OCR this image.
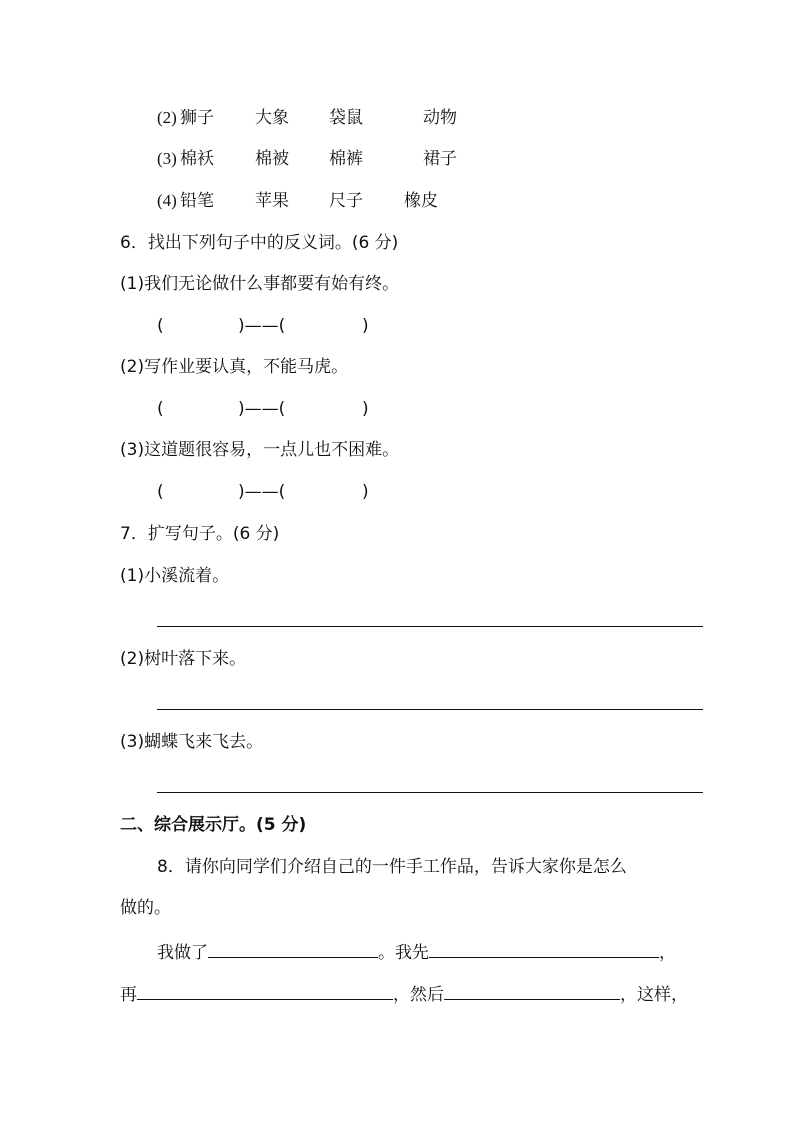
(2) 狮子 大象 袋鼠	动物
(3) 棉袄 棉被 棉裤	裙子
(4) 铅笔 苹果 尺子 橡皮
6．找出下列句子中的反义词。(6 分)
(1)我们无论做什么事都要有始有终。
(	)——(	)
(2)写作业要认真，不能马虎。
(	)——(	)
(3)这道题很容易，一点儿也不困难。
(	)——(	)
7．扩写句子。(6 分)
(1)小溪流着。
(2)树叶落下来。
(3)蝴蝶飞来飞去。
二、综合展示厅。(5 分)
8．请你向同学们介绍自己的一件手工作品，告诉大家你是怎么
做的。
我做了	。我先	，
再	，然后	，这样，
